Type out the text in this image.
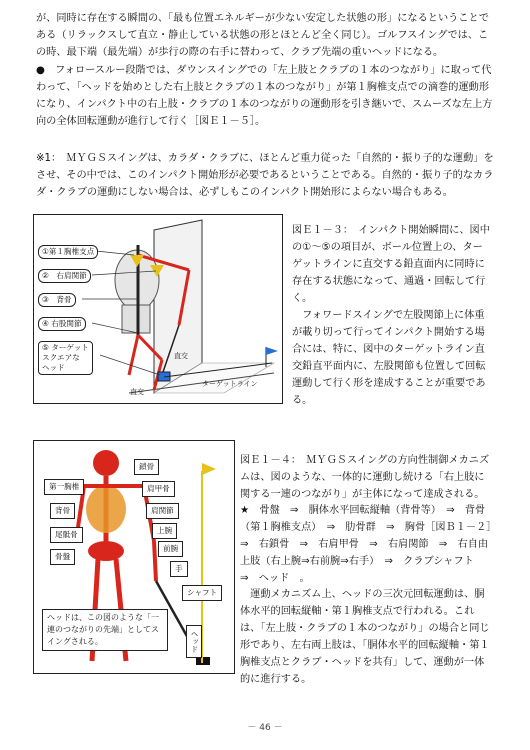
が、同時に存在する瞬間の、「最も位置エネルギーが少ない安定した状態の形」になるということである（リラックスして直立・静止している状態の形とほとんど全く同じ）。ゴルフスイングでは、この時、最下端（最先端）が歩行の際の右手に替わって、クラブ先端の重いヘッドになる。

●　フォロースルー段階では、ダウンスイングでの「左上肢とクラブの１本のつながり」に取って代わって、「ヘッドを始めとした右上肢とクラブの１本のつながり」が第１胸椎支点での滴巻的運動形になり、インパクト中の右上肢・クラブの１本のつながりの運動形を引き継いで、スムーズな左上方向の全体回転運動が進行して行く［図Ｅ１－５］。

※1：　ＭＹＧＳスイングは、カラダ・クラブに、ほとんど重力従った「自然的・振り子的な運動」をさせ、その中では、このインパクト開始形が必要であるということである。自然的・振り子的なカラダ・クラブの運動にしない場合は、必ずしもこのインパクト開始形によらない場合もある。

①第１胸椎支点
②　右肩関節
③　背骨
④ 右股関節
⑤ ターゲット
スクエアな
ヘッド
直交
直交
ターゲットライン
図Ｅ１－３：　インパクト開始瞬間に、図中の①～⑤の項目が、ボール位置上の、ターゲットラインに直交する鉛直面内に同時に存在する状態になって、通過・回転して行く。
　フォワードスイングで左股関節上に体重が載り切って行ってインパクト開始する場合には、特に、図中のターゲットライン直交鉛直平面内に、左股関節も位置して回転運動して行く形を達成することが重要である。
鎖骨
第一胸椎	肩甲骨
背骨	肩関節
上腕
尾骶骨
前腕
骨盤
手
シャフト
ヘッド
ヘッドは、この図のような「一連のつながりの先端」としてスイングされる。
図Ｅ１－４：　ＭＹＧＳスイングの方向性制御メカニズムは、図のような、一体的に運動し続ける「右上肢に関する一連のつながり」が主体になって達成される。
★　骨盤　⇒　胴体水平回転縦軸（背骨等）　⇒　背骨（第１胸椎支点）　⇒　肋骨群　⇒　胸骨［図Ｂ１－２］　⇒　右鎖骨　⇒　右肩甲骨　⇒　右肩関節　⇒　右自由上肢（右上腕⇒右前腕⇒右手）　⇒　クラブシャフト　⇒　ヘッド　。
　運動メカニズム上、ヘッドの三次元回転運動は、胴体水平的回転縦軸・第１胸椎支点で行われる。これは、「左上肢・クラブの１本のつながり」の場合と同じ形であり、左右両上肢は、「胴体水平的回転縦軸・第１胸椎支点とクラブ・ヘッドを共有」して、運動が一体的に進行する。
－ 46 －
